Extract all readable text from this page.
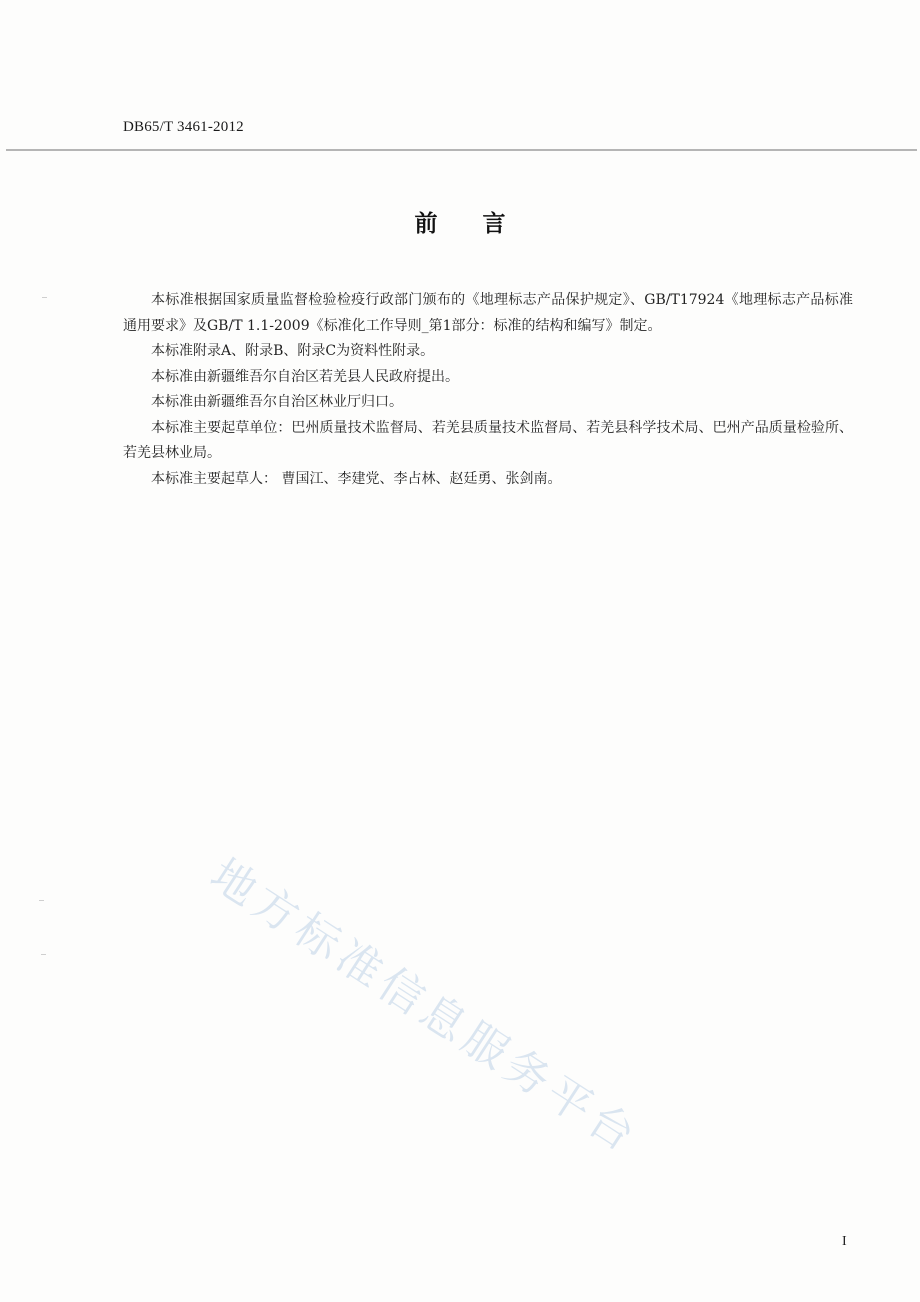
DB65/T 3461-2012
前言

本标准根据国家质量监督检验检疫行政部门颁布的《地理标志产品保护规定》、GB/T17924《地理标志产品标准通用要求》及GB/T 1.1-2009《标准化工作导则_第1部分：标准的结构和编写》制定。

本标准附录A、附录B、附录C为资料性附录。

本标准由新疆维吾尔自治区若羌县人民政府提出。

本标准由新疆维吾尔自治区林业厅归口。

本标准主要起草单位：巴州质量技术监督局、若羌县质量技术监督局、若羌县科学技术局、巴州产品质量检验所、若羌县林业局。

本标准主要起草人： 曹国江、李建党、李占林、赵廷勇、张剑南。

地方标准信息服务平台
I
